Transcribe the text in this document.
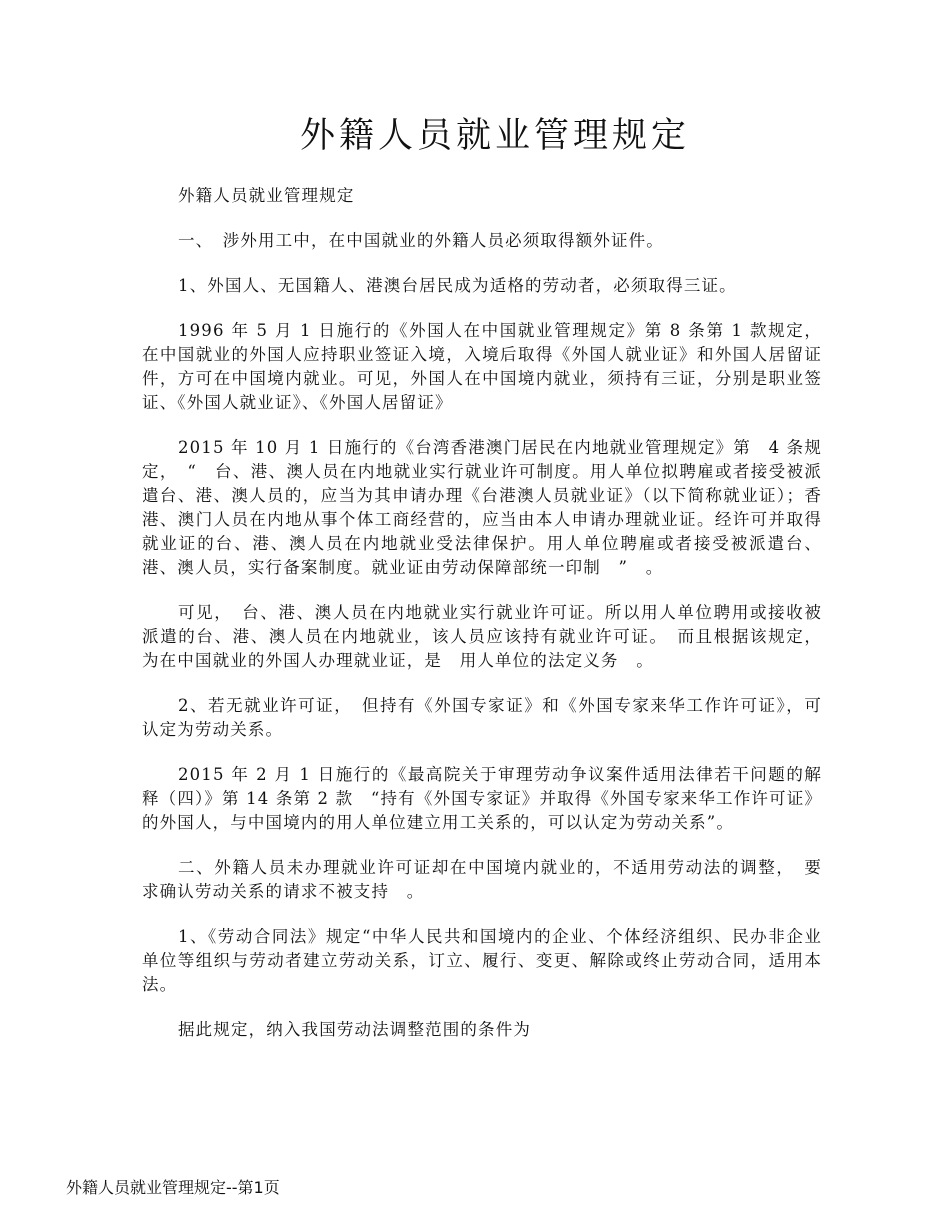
外籍人员就业管理规定

外籍人员就业管理规定

一、　涉外用工中，在中国就业的外籍人员必须取得额外证件。

1、外国人、无国籍人、港澳台居民成为适格的劳动者，必须取得三证。

1996 年 5 月 1 日施行的《外国人在中国就业管理规定》第 8 条第 1 款规定，在中国就业的外国人应持职业签证入境，入境后取得《外国人就业证》和外国人居留证件，方可在中国境内就业。可见，外国人在中国境内就业，须持有三证，分别是职业签证、《外国人就业证》、《外国人居留证》

2015 年 10 月 1 日施行的《台湾香港澳门居民在内地就业管理规定》第　4 条规定，　“　台、港、澳人员在内地就业实行就业许可制度。用人单位拟聘雇或者接受被派遣台、港、澳人员的，应当为其申请办理《台港澳人员就业证》（以下简称就业证）；香港、澳门人员在内地从事个体工商经营的，应当由本人申请办理就业证。经许可并取得就业证的台、港、澳人员在内地就业受法律保护。用人单位聘雇或者接受被派遣台、港、澳人员，实行备案制度。就业证由劳动保障部统一印制　”　。

可见，　台、港、澳人员在内地就业实行就业许可证。所以用人单位聘用或接收被派遣的台、港、澳人员在内地就业，该人员应该持有就业许可证。　而且根据该规定，为在中国就业的外国人办理就业证，是　用人单位的法定义务　。

2、若无就业许可证，　但持有《外国专家证》和《外国专家来华工作许可证》，可认定为劳动关系。

2015 年 2 月 1 日施行的《最高院关于审理劳动争议案件适用法律若干问题的解释（四）》第 14 条第 2 款　“持有《外国专家证》并取得《外国专家来华工作许可证》的外国人，与中国境内的用人单位建立用工关系的，可以认定为劳动关系”。

二、外籍人员未办理就业许可证却在中国境内就业的，不适用劳动法的调整，　要求确认劳动关系的请求不被支持　。

1、《劳动合同法》规定“中华人民共和国境内的企业、个体经济组织、民办非企业单位等组织与劳动者建立劳动关系，订立、履行、变更、解除或终止劳动合同，适用本法。

据此规定，纳入我国劳动法调整范围的条件为

外籍人员就业管理规定--第1页
